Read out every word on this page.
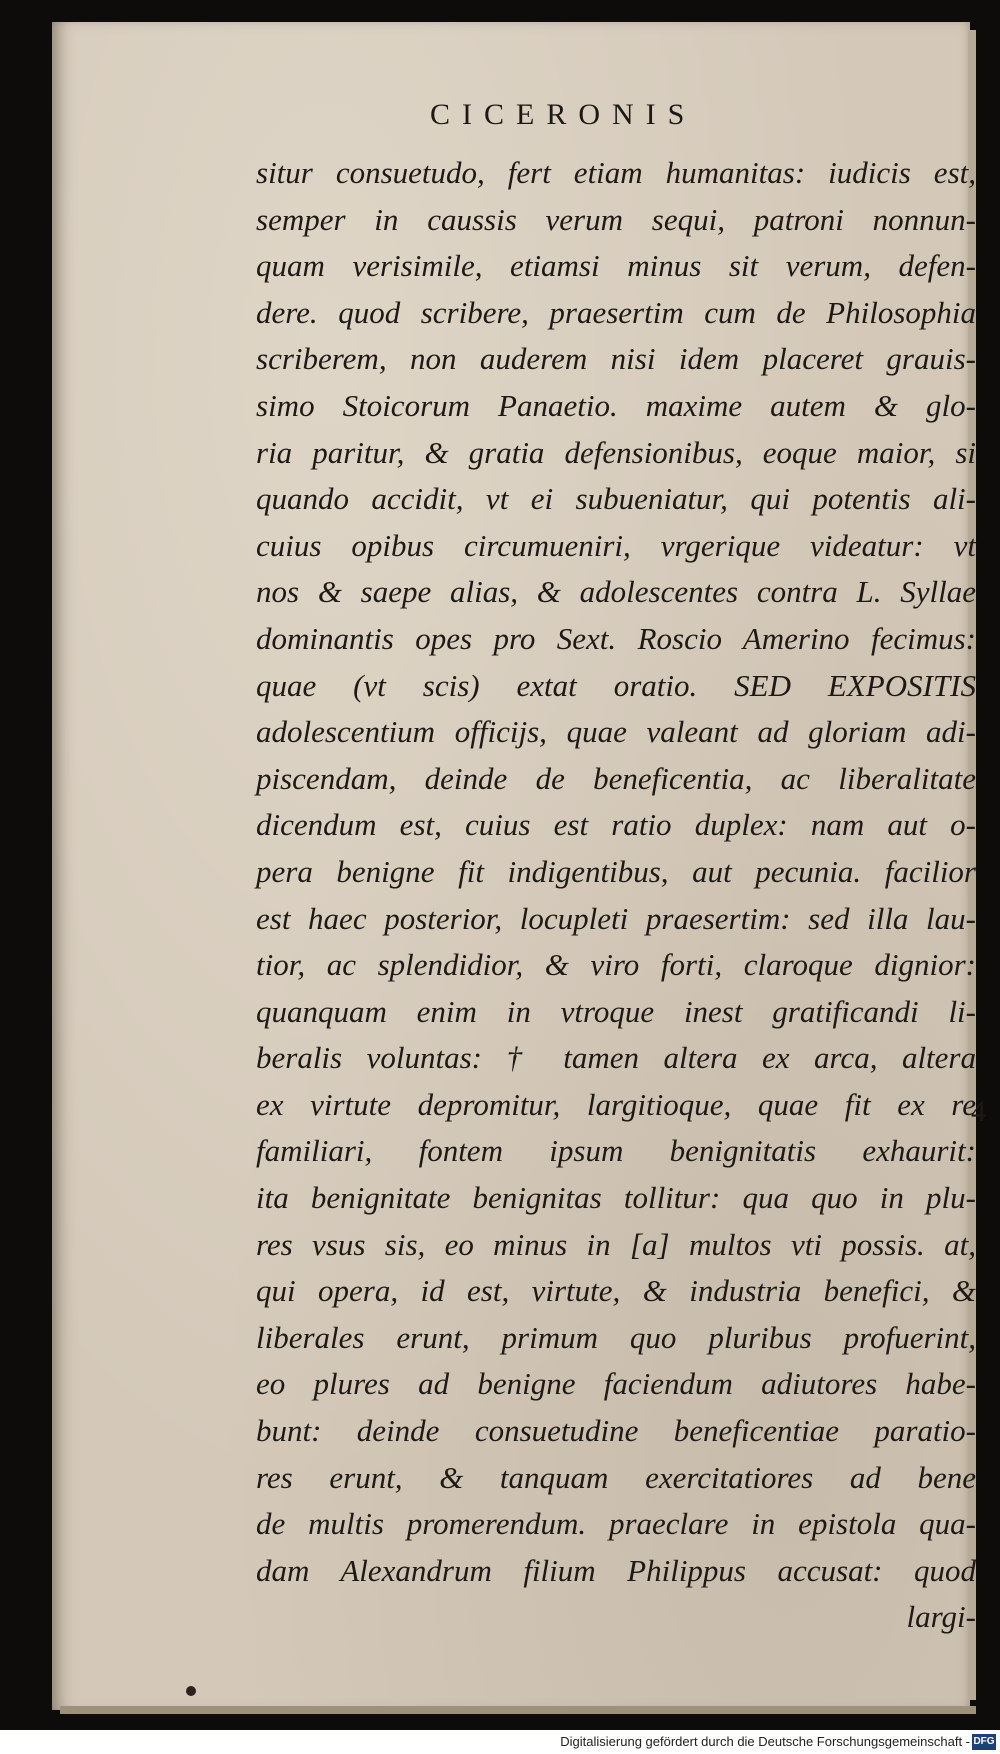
CICERONIS
situr consuetudo, fert etiam humanitas: iudicis est,
semper in caussis verum sequi, patroni nonnun-
quam verisimile, etiamsi minus sit verum, defen-
dere. quod scribere, praesertim cum de Philosophia
scriberem, non auderem nisi idem placeret grauis-
simo Stoicorum Panaetio. maxime autem & glo-
ria paritur, & gratia defensionibus, eoque maior, si
quando accidit, vt ei subueniatur, qui potentis ali-
cuius opibus circumueniri, vrgerique videatur: vt
nos & saepe alias, & adolescentes contra L. Syllae
dominantis opes pro Sext. Roscio Amerino fecimus:
quae (vt scis) extat oratio. SED EXPOSITIS
adolescentium officijs, quae valeant ad gloriam adi-
piscendam, deinde de beneficentia, ac liberalitate
dicendum est, cuius est ratio duplex: nam aut o-
pera benigne fit indigentibus, aut pecunia. facilior
est haec posterior, locupleti praesertim: sed illa lau-
tior, ac splendidior, & viro forti, claroque dignior:
quanquam enim in vtroque inest gratificandi li-
beralis voluntas: † tamen altera ex arca, altera
ex virtute depromitur, largitioque, quae fit ex re
familiari, fontem ipsum benignitatis exhaurit:
ita benignitate benignitas tollitur: qua quo in plu-
res vsus sis, eo minus in [a] multos vti possis. at,
qui opera, id est, virtute, & industria benefici, &
liberales erunt, primum quo pluribus profuerint,
eo plures ad benigne faciendum adiutores habe-
bunt: deinde consuetudine beneficentiae paratio-
res erunt, & tanquam exercitatiores ad bene
de multis promerendum. praeclare in epistola qua-
dam Alexandrum filium Philippus accusat: quod
largi-
4
Digitalisierung gefördert durch die Deutsche Forschungsgemeinschaft - DFG
